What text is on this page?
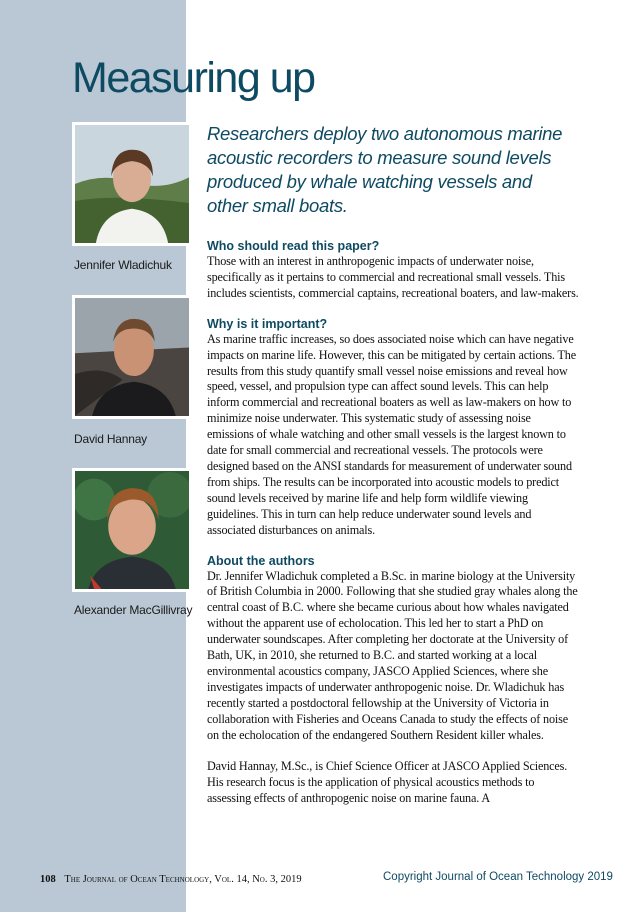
Measuring up
Jennifer Wladichuk
David Hannay
Alexander MacGillivray

Researchers deploy two autonomous marine acoustic recorders to measure sound levels produced by whale watching vessels and other small boats.

Who should read this paper?

Those with an interest in anthropogenic impacts of underwater noise, specifically as it pertains to commercial and recreational small vessels. This includes scientists, commercial captains, recreational boaters, and law-makers.

Why is it important?

As marine traffic increases, so does associated noise which can have negative impacts on marine life. However, this can be mitigated by certain actions. The results from this study quantify small vessel noise emissions and reveal how speed, vessel, and propulsion type can affect sound levels. This can help inform commercial and recreational boaters as well as law-makers on how to minimize noise underwater. This systematic study of assessing noise emissions of whale watching and other small vessels is the largest known to date for small commercial and recreational vessels. The protocols were designed based on the ANSI standards for measurement of underwater sound from ships. The results can be incorporated into acoustic models to predict sound levels received by marine life and help form wildlife viewing guidelines. This in turn can help reduce underwater sound levels and associated disturbances on animals.

About the authors

Dr. Jennifer Wladichuk completed a B.Sc. in marine biology at the University of British Columbia in 2000. Following that she studied gray whales along the central coast of B.C. where she became curious about how whales navigated without the apparent use of echolocation. This led her to start a PhD on underwater soundscapes. After completing her doctorate at the University of Bath, UK, in 2010, she returned to B.C. and started working at a local environmental acoustics company, JASCO Applied Sciences, where she investigates impacts of underwater anthropogenic noise. Dr. Wladichuk has recently started a postdoctoral fellowship at the University of Victoria in collaboration with Fisheries and Oceans Canada to study the effects of noise on the echolocation of the endangered Southern Resident killer whales.

David Hannay, M.Sc., is Chief Science Officer at JASCO Applied Sciences. His research focus is the application of physical acoustics methods to assessing effects of anthropogenic noise on marine fauna. A

108 The Journal of Ocean Technology, Vol. 14, No. 3, 2019	Copyright Journal of Ocean Technology 2019
